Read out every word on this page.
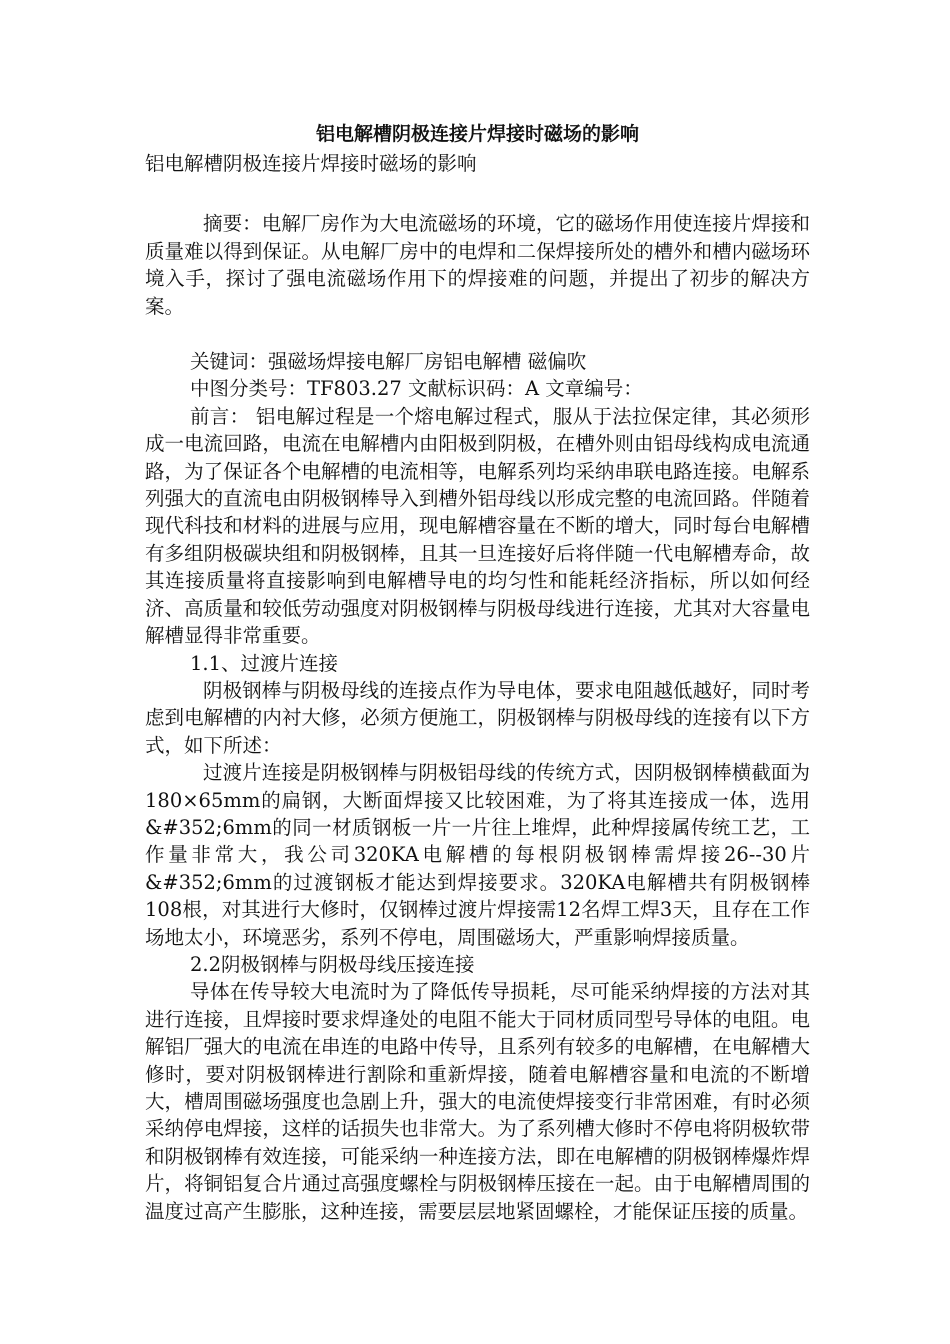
铝电解槽阴极连接片焊接时磁场的影响

铝电解槽阴极连接片焊接时磁场的影响

摘要：电解厂房作为大电流磁场的环境，它的磁场作用使连接片焊接和质量难以得到保证。从电解厂房中的电焊和二保焊接所处的槽外和槽内磁场环境入手，探讨了强电流磁场作用下的焊接难的问题，并提出了初步的解决方案。

关键词：强磁场焊接电解厂房铝电解槽 磁偏吹

中图分类号：TF803.27 文献标识码：A 文章编号：

前言： 铝电解过程是一个熔电解过程式，服从于法拉保定律，其必须形成一电流回路，电流在电解槽内由阳极到阴极，在槽外则由铝母线构成电流通路，为了保证各个电解槽的电流相等，电解系列均采纳串联电路连接。电解系列强大的直流电由阴极钢棒导入到槽外铝母线以形成完整的电流回路。伴随着现代科技和材料的进展与应用，现电解槽容量在不断的增大，同时每台电解槽有多组阴极碳块组和阴极钢棒，且其一旦连接好后将伴随一代电解槽寿命，故其连接质量将直接影响到电解槽导电的均匀性和能耗经济指标，所以如何经济、高质量和较低劳动强度对阴极钢棒与阴极母线进行连接，尤其对大容量电解槽显得非常重要。

1.1、过渡片连接

阴极钢棒与阴极母线的连接点作为导电体，要求电阻越低越好，同时考虑到电解槽的内衬大修，必须方便施工，阴极钢棒与阴极母线的连接有以下方式，如下所述：

过渡片连接是阴极钢棒与阴极铝母线的传统方式，因阴极钢棒横截面为180×65mm的扁钢，大断面焊接又比较困难，为了将其连接成一体，选用&#352;6mm的同一材质钢板一片一片往上堆焊，此种焊接属传统工艺，工作量非常大，我公司320KA电解槽的每根阴极钢棒需焊接26--30片&#352;6mm的过渡钢板才能达到焊接要求。320KA电解槽共有阴极钢棒108根，对其进行大修时，仅钢棒过渡片焊接需12名焊工焊3天，且存在工作场地太小，环境恶劣，系列不停电，周围磁场大，严重影响焊接质量。

2.2阴极钢棒与阴极母线压接连接

导体在传导较大电流时为了降低传导损耗，尽可能采纳焊接的方法对其进行连接，且焊接时要求焊逢处的电阻不能大于同材质同型号导体的电阻。电解铝厂强大的电流在串连的电路中传导，且系列有较多的电解槽，在电解槽大修时，要对阴极钢棒进行割除和重新焊接，随着电解槽容量和电流的不断增大，槽周围磁场强度也急剧上升，强大的电流使焊接变行非常困难，有时必须采纳停电焊接，这样的话损失也非常大。为了系列槽大修时不停电将阴极软带和阴极钢棒有效连接，可能采纳一种连接方法，即在电解槽的阴极钢棒爆炸焊片，将铜铝复合片通过高强度螺栓与阴极钢棒压接在一起。由于电解槽周围的温度过高产生膨胀，这种连接，需要层层地紧固螺栓，才能保证压接的质量。
